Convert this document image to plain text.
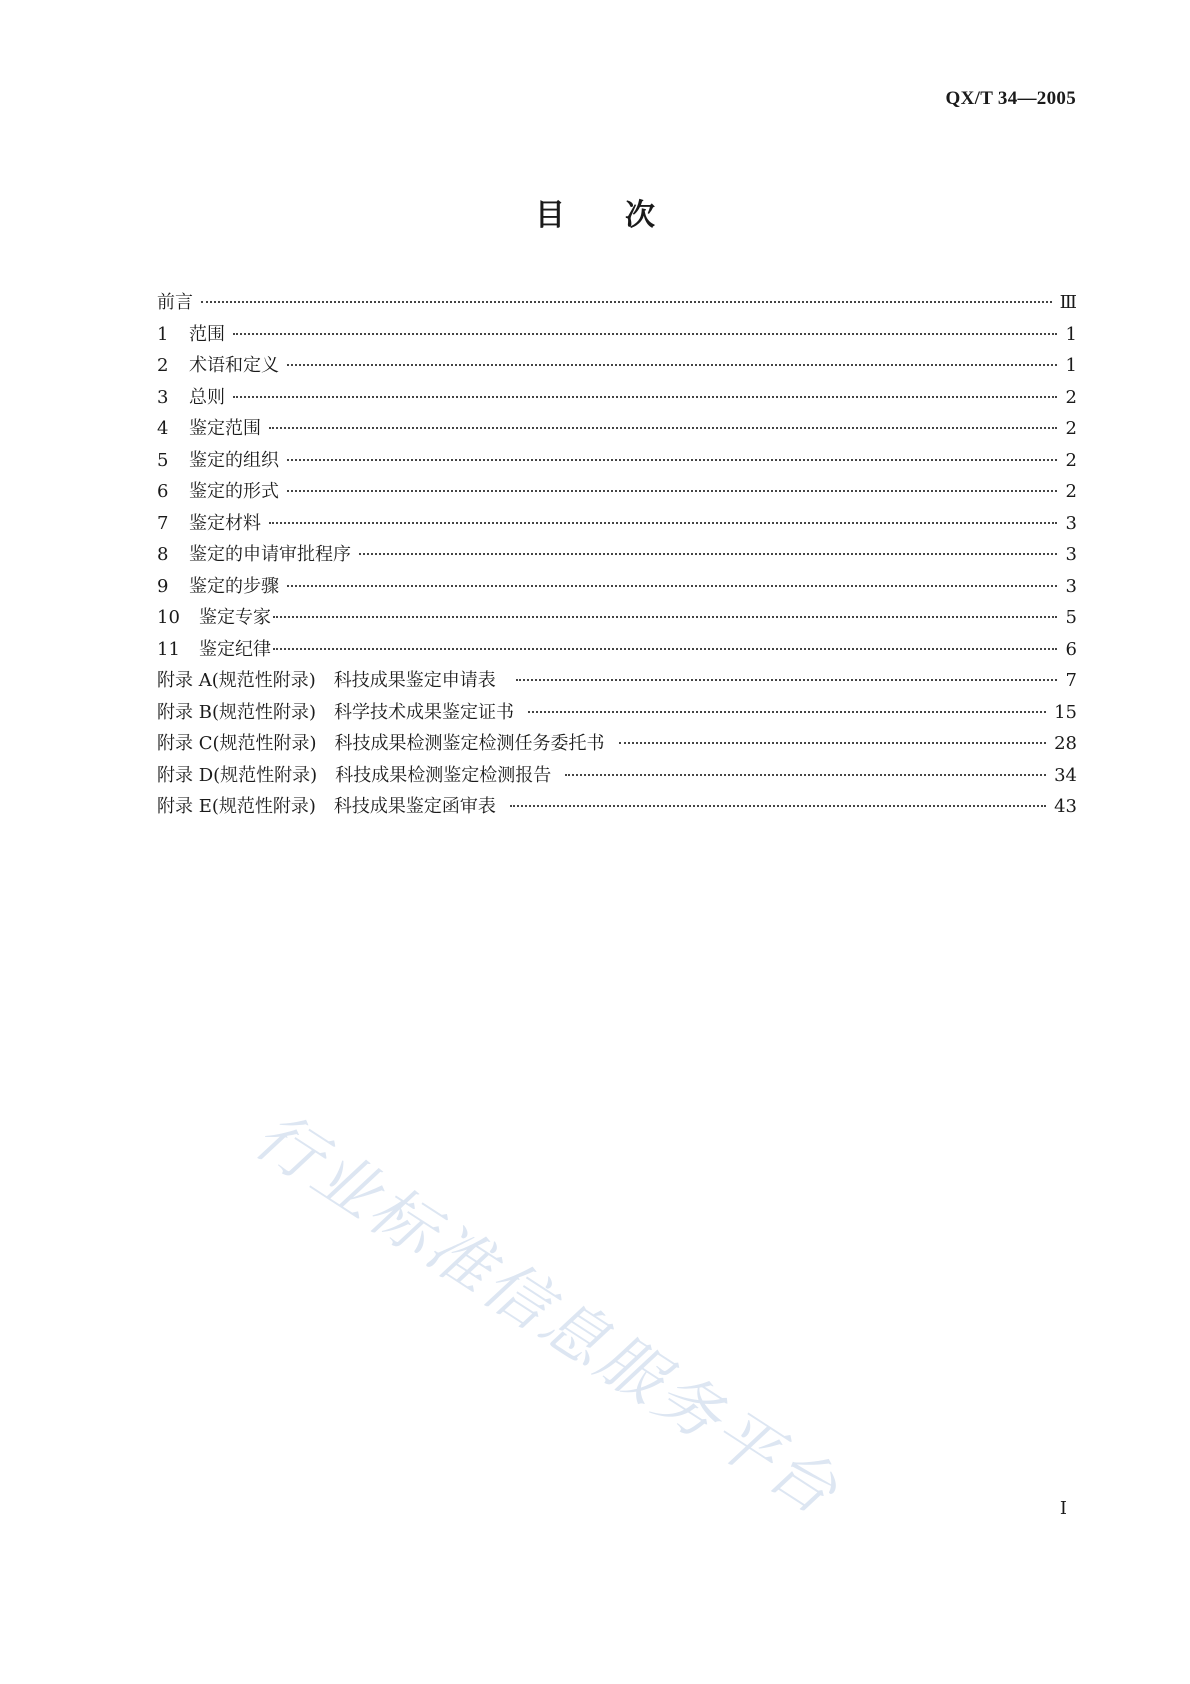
QX/T 34—2005
目 次
前言	Ⅲ
1	范围	1
2	术语和定义	1
3	总则	2
4	鉴定范围	2
5	鉴定的组织	2
6	鉴定的形式	2
7	鉴定材料	3
8	鉴定的申请审批程序	3
9	鉴定的步骤	3
10	鉴定专家	5
11	鉴定纪律	6
附录 A(规范性附录) 科技成果鉴定申请表	7
附录 B(规范性附录) 科学技术成果鉴定证书	15
附录 C(规范性附录) 科技成果检测鉴定检测任务委托书	28
附录 D(规范性附录) 科技成果检测鉴定检测报告	34
附录 E(规范性附录) 科技成果鉴定函审表	43
行业标准信息服务平台	Ⅰ
